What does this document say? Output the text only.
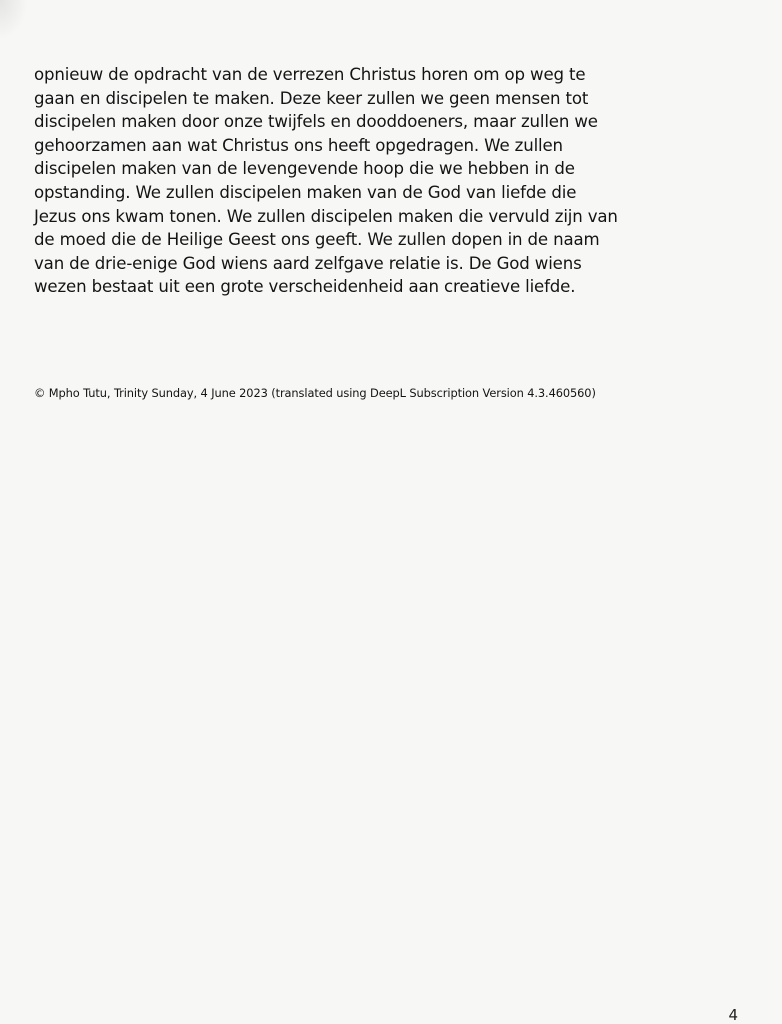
opnieuw de opdracht van de verrezen Christus horen om op weg te
gaan en discipelen te maken. Deze keer zullen we geen mensen tot
discipelen maken door onze twijfels en dooddoeners, maar zullen we
gehoorzamen aan wat Christus ons heeft opgedragen. We zullen
discipelen maken van de levengevende hoop die we hebben in de
opstanding. We zullen discipelen maken van de God van liefde die
Jezus ons kwam tonen. We zullen discipelen maken die vervuld zijn van
de moed die de Heilige Geest ons geeft. We zullen dopen in de naam
van de drie-enige God wiens aard zelfgave relatie is. De God wiens
wezen bestaat uit een grote verscheidenheid aan creatieve liefde.
© Mpho Tutu, Trinity Sunday, 4 June 2023 (translated using DeepL Subscription Version 4.3.460560)
4
